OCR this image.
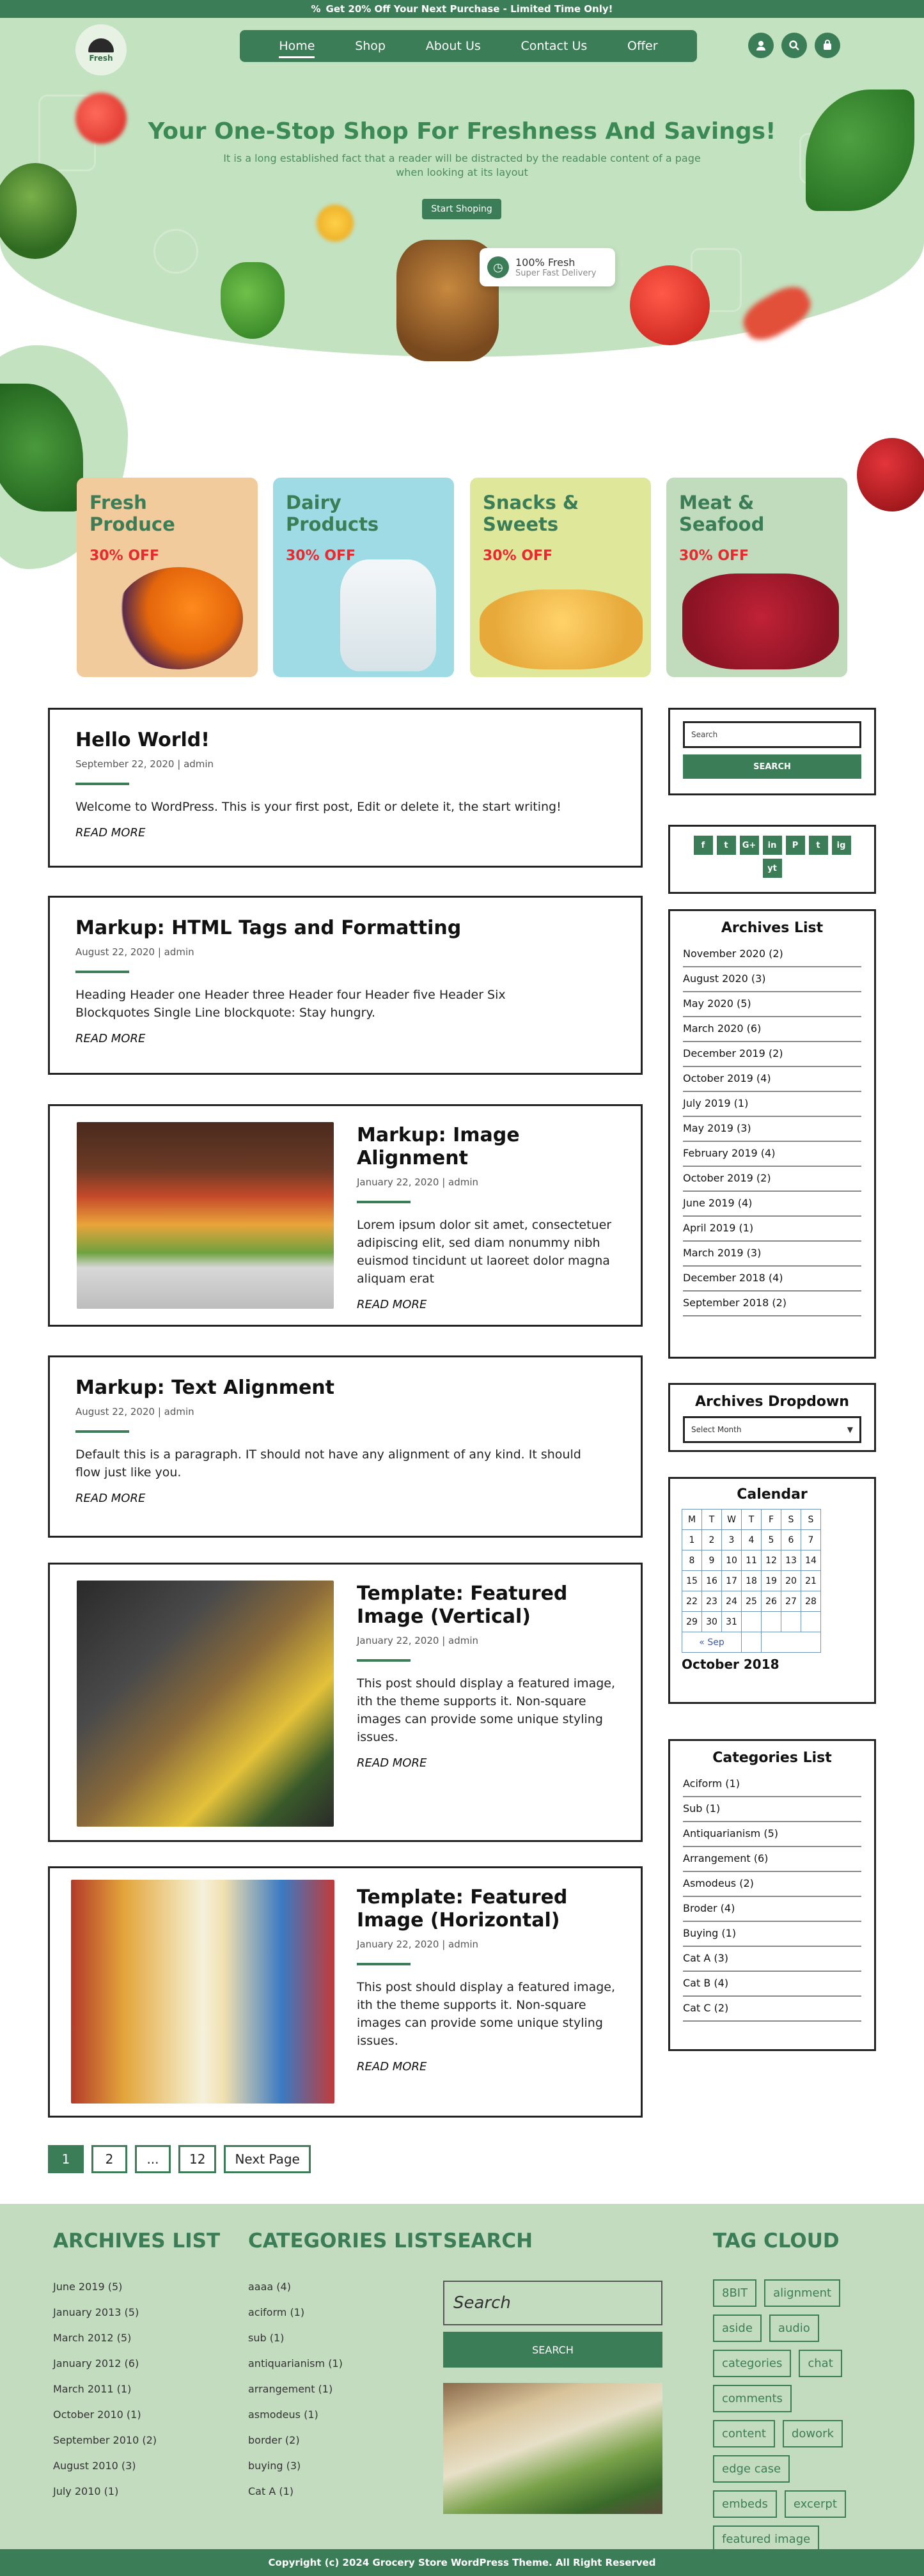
% Get 20% Off Your Next Purchase - Limited Time Only!
Fresh
Home	Shop	About Us	Contact Us	Offer
Your One-Stop Shop For Freshness And Savings!
It is a long established fact that a reader will be distracted by the readable content of a page when looking at its layout
Start Shoping
◷	100% Fresh
Super Fast Delivery
Fresh Produce
30% OFF
Dairy Products
30% OFF
Snacks & Sweets
30% OFF
Meat & Seafood
30% OFF
Hello World!
September 22, 2020 | admin
Welcome to WordPress. This is your first post, Edit or delete it, the start writing!
READ MORE
Markup: HTML Tags and Formatting
August 22, 2020 | admin
Heading Header one Header three Header four Header five Header Six Blockquotes Single Line blockquote: Stay hungry.
READ MORE
Markup: Image Alignment
January 22, 2020 | admin
Lorem ipsum dolor sit amet, consectetuer adipiscing elit, sed diam nonummy nibh euismod tincidunt ut laoreet dolor magna aliquam erat
READ MORE
Markup: Text Alignment
August 22, 2020 | admin
Default this is a paragraph. IT should not have any alignment of any kind. It should flow just like you.
READ MORE
Template: Featured Image (Vertical)
January 22, 2020 | admin
This post should display a featured image, ith the theme supports it. Non-square images can provide some unique styling issues.
READ MORE
Template: Featured Image (Horizontal)
January 22, 2020 | admin
This post should display a featured image, ith the theme supports it. Non-square images can provide some unique styling issues.
READ MORE
Search
SEARCH
f	t	G+	in	P	t	ig
yt
Archives List
November 2020 (2)
August 2020 (3)
May 2020 (5)
March 2020 (6)
December 2019 (2)
October 2019 (4)
July 2019 (1)
May 2019 (3)
February 2019 (4)
October 2019 (2)
June 2019 (4)
April 2019 (1)
March 2019 (3)
December 2018 (4)
September 2018 (2)
Archives Dropdown
Select Month	▼
Calendar
M	T	W	T	F	S	S
1	2	3	4	5	6	7
8	9	10	11	12	13	14
15	16	17	18	19	20	21
22	23	24	25	26	27	28
29	30	31				
« Sep						
October 2018
Categories List
Aciform (1)
Sub (1)
Antiquarianism (5)
Arrangement (6)
Asmodeus (2)
Broder (4)
Buying (1)
Cat A (3)
Cat B (4)
Cat C (2)
1	2	...	12	Next Page
ARCHIVES LIST
June 2019 (5)
January 2013 (5)
March 2012 (5)
January 2012 (6)
March 2011 (1)
October 2010 (1)
September 2010 (2)
August 2010 (3)
July 2010 (1)
CATEGORIES LIST
aaaa (4)
aciform (1)
sub (1)
antiquarianism (1)
arrangement (1)
asmodeus (1)
border (2)
buying (3)
Cat A (1)
SEARCH
Search
SEARCH
TAG CLOUD
8BIT	alignment
aside	audio
categories	chat
comments
content	dowork
edge case
embeds	excerpt
featured image
Copyright (c) 2024 Grocery Store WordPress Theme. All Right Reserved
